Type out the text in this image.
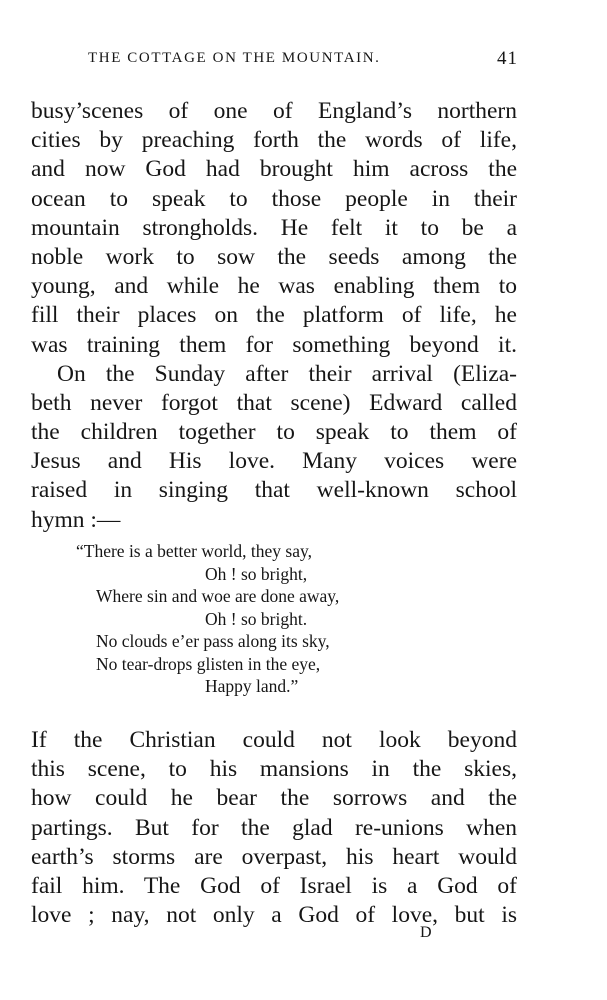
THE COTTAGE ON THE MOUNTAIN.	41
busy’scenes of one of England’s northern
cities by preaching forth the words of life,
and now God had brought him across the
ocean to speak to those people in their
mountain strongholds. He felt it to be a
noble work to sow the seeds among the
young, and while he was enabling them to
fill their places on the platform of life, he
was training them for something beyond it.
On the Sunday after their arrival (Eliza-
beth never forgot that scene) Edward called
the children together to speak to them of
Jesus and His love. Many voices were
raised in singing that well-known school
hymn :—
“There is a better world, they say,
Oh ! so bright,
Where sin and woe are done away,
Oh ! so bright.
No clouds e’er pass along its sky,
No tear-drops glisten in the eye,
Happy land.”
If the Christian could not look beyond
this scene, to his mansions in the skies,
how could he bear the sorrows and the
partings. But for the glad re-unions when
earth’s storms are overpast, his heart would
fail him. The God of Israel is a God of
love ; nay, not only a God of love, but is
D
